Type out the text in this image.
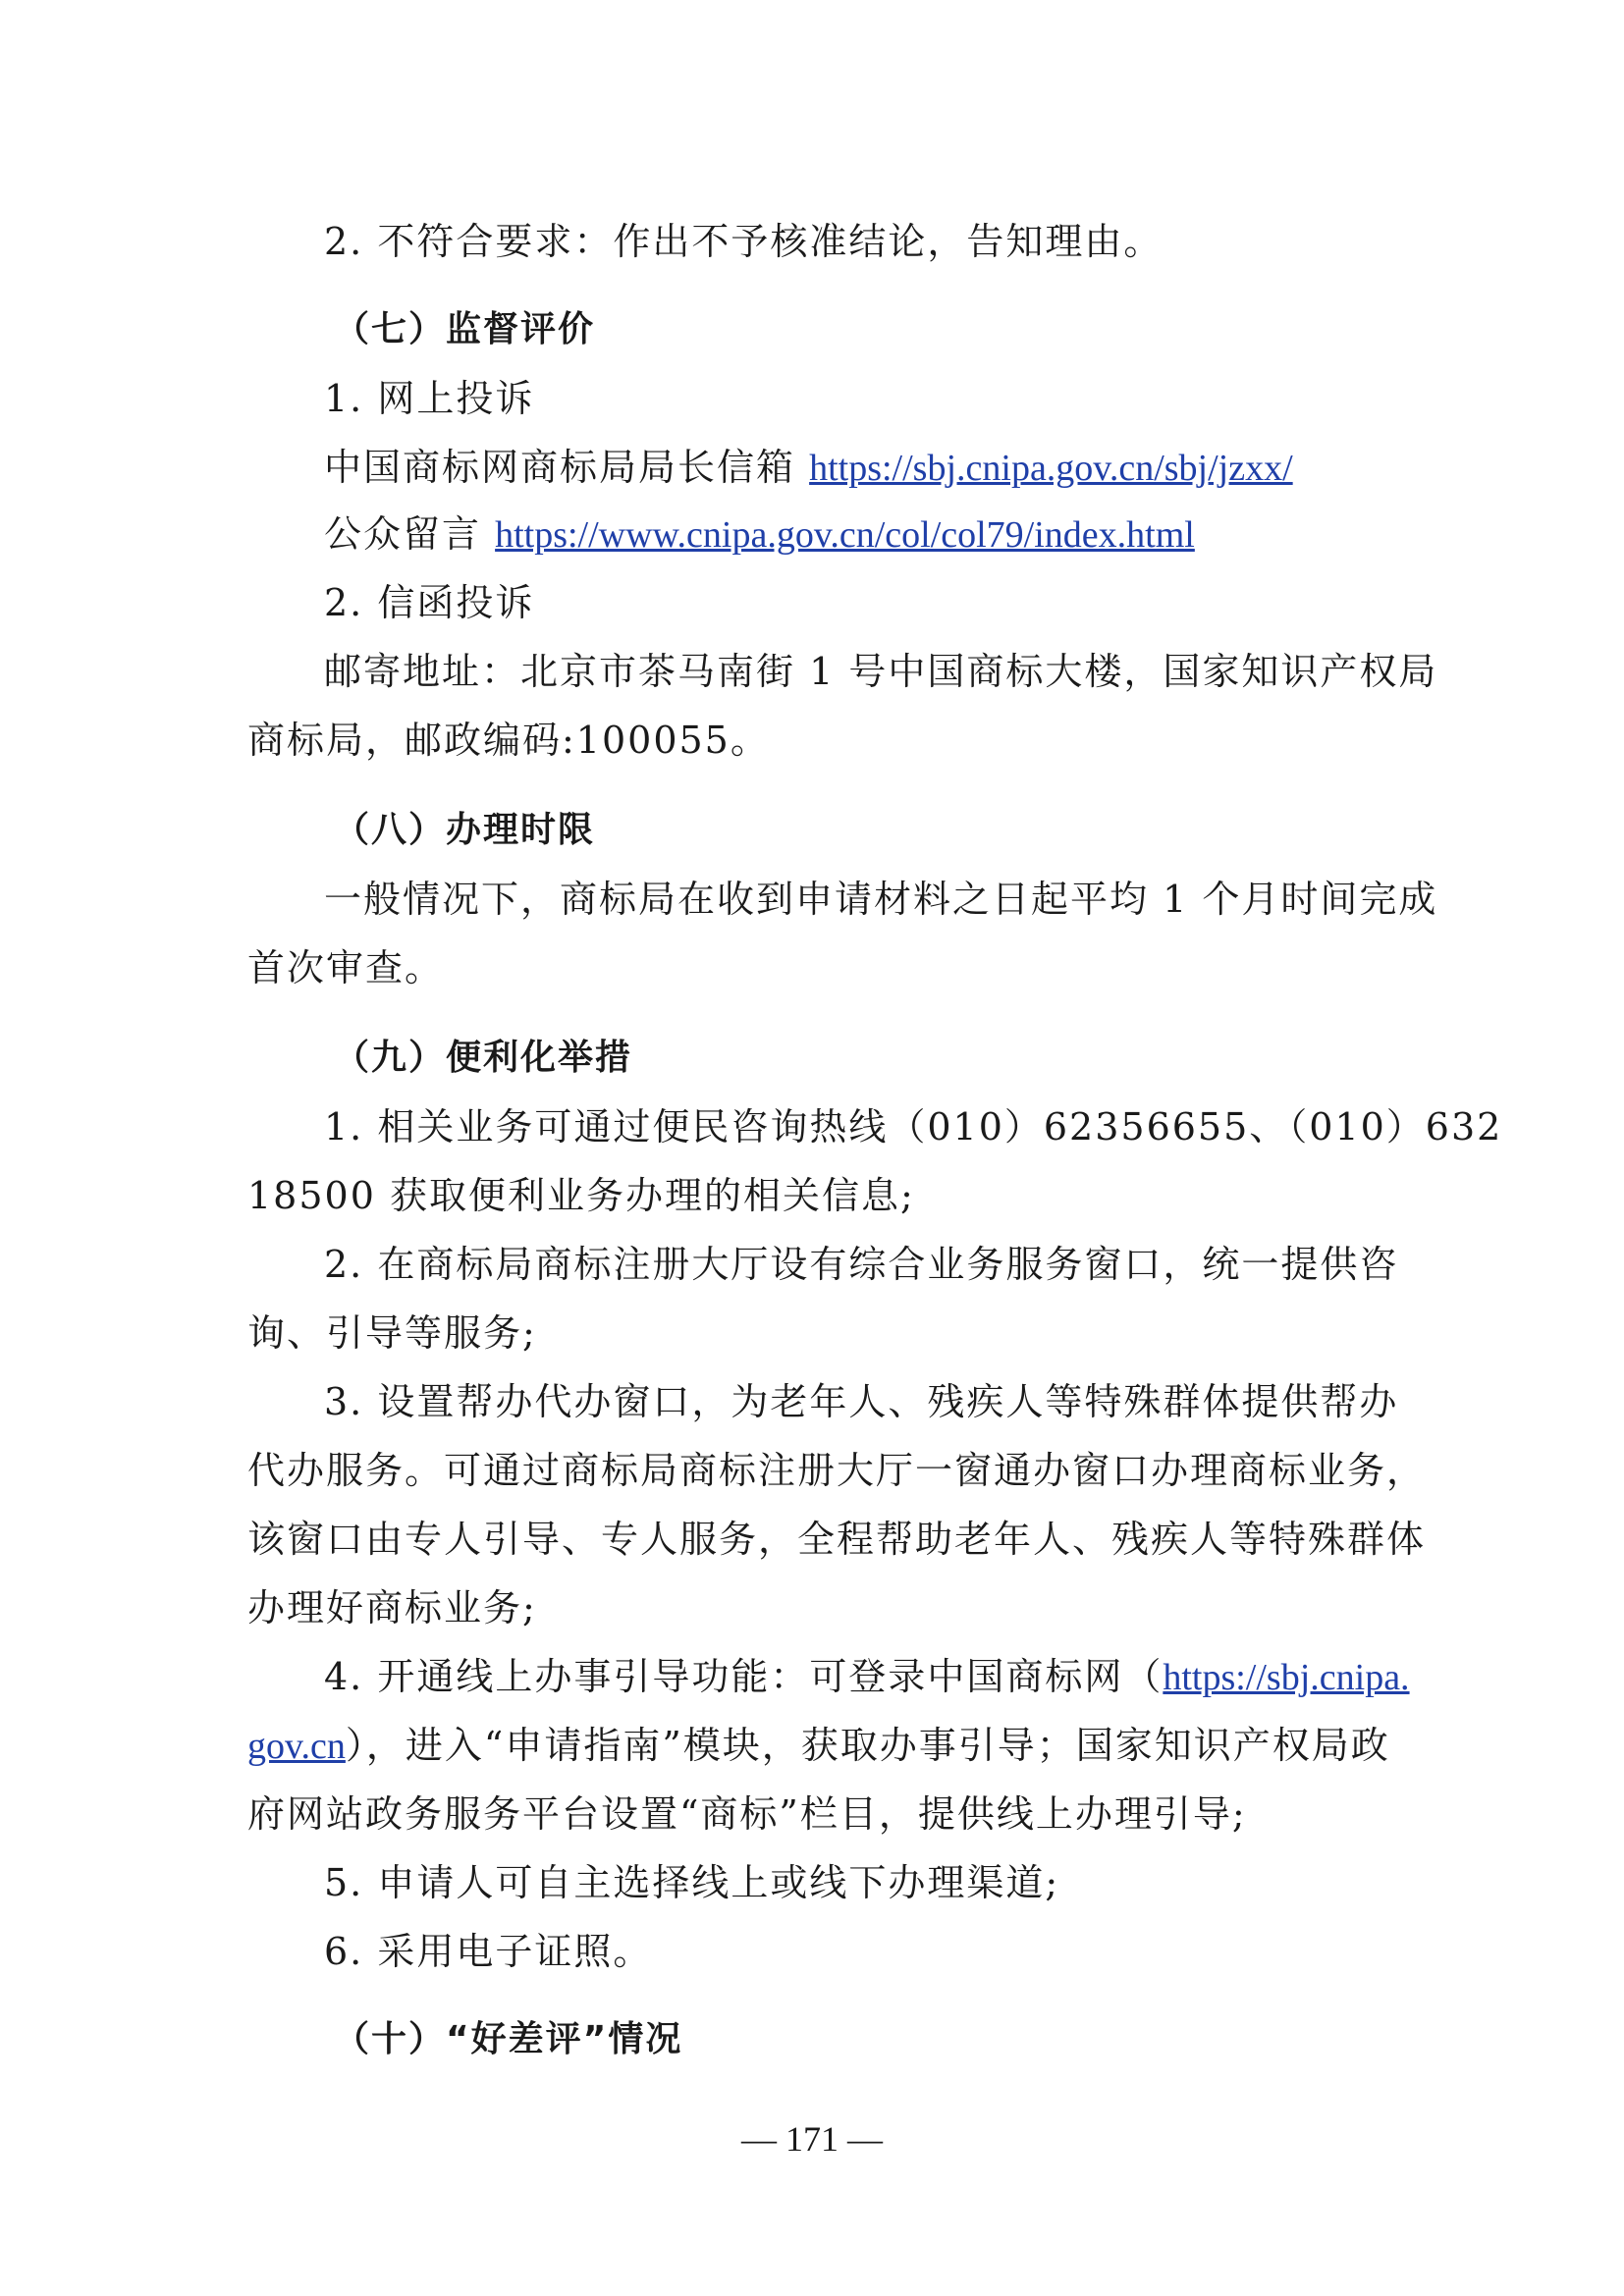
2. 不符合要求：作出不予核准结论，告知理由。
（七）监督评价
1. 网上投诉
中国商标网商标局局长信箱 https://sbj.cnipa.gov.cn/sbj/jzxx/
公众留言 https://www.cnipa.gov.cn/col/col79/index.html
2. 信函投诉
邮寄地址：北京市茶马南街 1 号中国商标大楼，国家知识产权局
商标局，邮政编码:100055。
（八）办理时限
一般情况下，商标局在收到申请材料之日起平均 1 个月时间完成
首次审查。
（九）便利化举措
1. 相关业务可通过便民咨询热线（010）62356655、（010）632
18500 获取便利业务办理的相关信息;
2. 在商标局商标注册大厅设有综合业务服务窗口，统一提供咨
询、引导等服务;
3. 设置帮办代办窗口，为老年人、残疾人等特殊群体提供帮办
代办服务。可通过商标局商标注册大厅一窗通办窗口办理商标业务，
该窗口由专人引导、专人服务，全程帮助老年人、残疾人等特殊群体
办理好商标业务;
4. 开通线上办事引导功能：可登录中国商标网（https://sbj.cnipa.
gov.cn），进入“申请指南”模块，获取办事引导；国家知识产权局政
府网站政务服务平台设置“商标”栏目，提供线上办理引导;
5. 申请人可自主选择线上或线下办理渠道;
6. 采用电子证照。
（十）“好差评”情况
— 171 —
